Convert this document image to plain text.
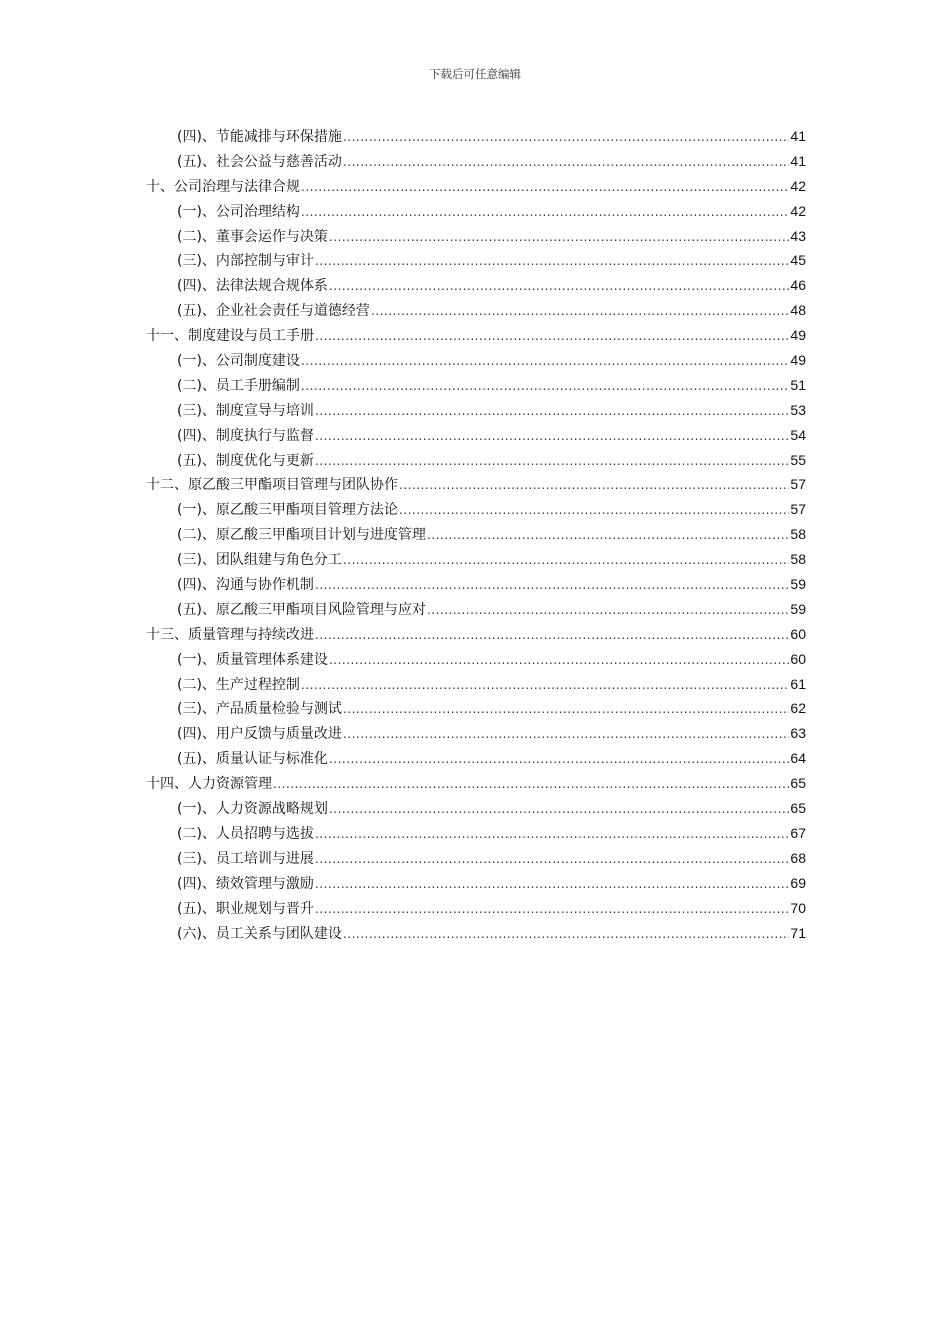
下载后可任意编辑
(四)、节能减排与环保措施 .....	41
(五)、社会公益与慈善活动 .....	41
十、公司治理与法律合规 .....	42
(一)、公司治理结构 .....	42
(二)、董事会运作与决策 .....	43
(三)、内部控制与审计 .....	45
(四)、法律法规合规体系 .....	46
(五)、企业社会责任与道德经营 .....	48
十一、制度建设与员工手册 .....	49
(一)、公司制度建设 .....	49
(二)、员工手册编制 .....	51
(三)、制度宣导与培训 .....	53
(四)、制度执行与监督 .....	54
(五)、制度优化与更新 .....	55
十二、原乙酸三甲酯项目管理与团队协作 .....	57
(一)、原乙酸三甲酯项目管理方法论 .....	57
(二)、原乙酸三甲酯项目计划与进度管理 .....	58
(三)、团队组建与角色分工 .....	58
(四)、沟通与协作机制 .....	59
(五)、原乙酸三甲酯项目风险管理与应对 .....	59
十三、质量管理与持续改进 .....	60
(一)、质量管理体系建设 .....	60
(二)、生产过程控制 .....	61
(三)、产品质量检验与测试 .....	62
(四)、用户反馈与质量改进 .....	63
(五)、质量认证与标准化 .....	64
十四、人力资源管理 .....	65
(一)、人力资源战略规划 .....	65
(二)、人员招聘与选拔 .....	67
(三)、员工培训与进展 .....	68
(四)、绩效管理与激励 .....	69
(五)、职业规划与晋升 .....	70
(六)、员工关系与团队建设 .....	71
